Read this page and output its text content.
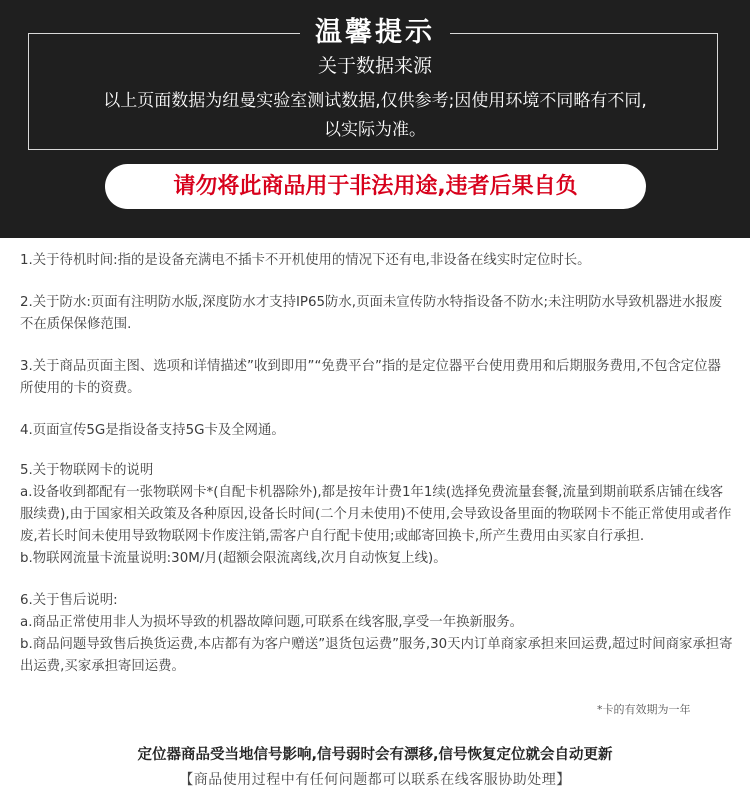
温馨提示
关于数据来源
以上页面数据为纽曼实验室测试数据,仅供参考;因使用环境不同略有不同,
以实际为准。
请勿将此商品用于非法用途,违者后果自负
1.关于待机时间:指的是设备充满电不插卡不开机使用的情况下还有电,非设备在线实时定位时长。
2.关于防水:页面有注明防水版,深度防水才支持IP65防水,页面未宣传防水特指设备不防水;未注明防水导致机器进水报废不在质保保修范围.
3.关于商品页面主图、选项和详情描述”收到即用”“免费平台”指的是定位器平台使用费用和后期服务费用,不包含定位器所使用的卡的资费。
4.页面宣传5G是指设备支持5G卡及全网通。
5.关于物联网卡的说明
a.设备收到都配有一张物联网卡*(自配卡机器除外),都是按年计费1年1续(选择免费流量套餐,流量到期前联系店铺在线客服续费),由于国家相关政策及各种原因,设备长时间(二个月未使用)不使用,会导致设备里面的物联网卡不能正常使用或者作废,若长时间未使用导致物联网卡作废注销,需客户自行配卡使用;或邮寄回换卡,所产生费用由买家自行承担.
b.物联网流量卡流量说明:30M/月(超额会限流离线,次月自动恢复上线)。
6.关于售后说明:
a.商品正常使用非人为损坏导致的机器故障问题,可联系在线客服,享受一年换新服务。
b.商品问题导致售后换货运费,本店都有为客户赠送”退货包运费”服务,30天内订单商家承担来回运费,超过时间商家承担寄出运费,买家承担寄回运费。
*卡的有效期为一年
定位器商品受当地信号影响,信号弱时会有漂移,信号恢复定位就会自动更新
【商品使用过程中有任何问题都可以联系在线客服协助处理】
